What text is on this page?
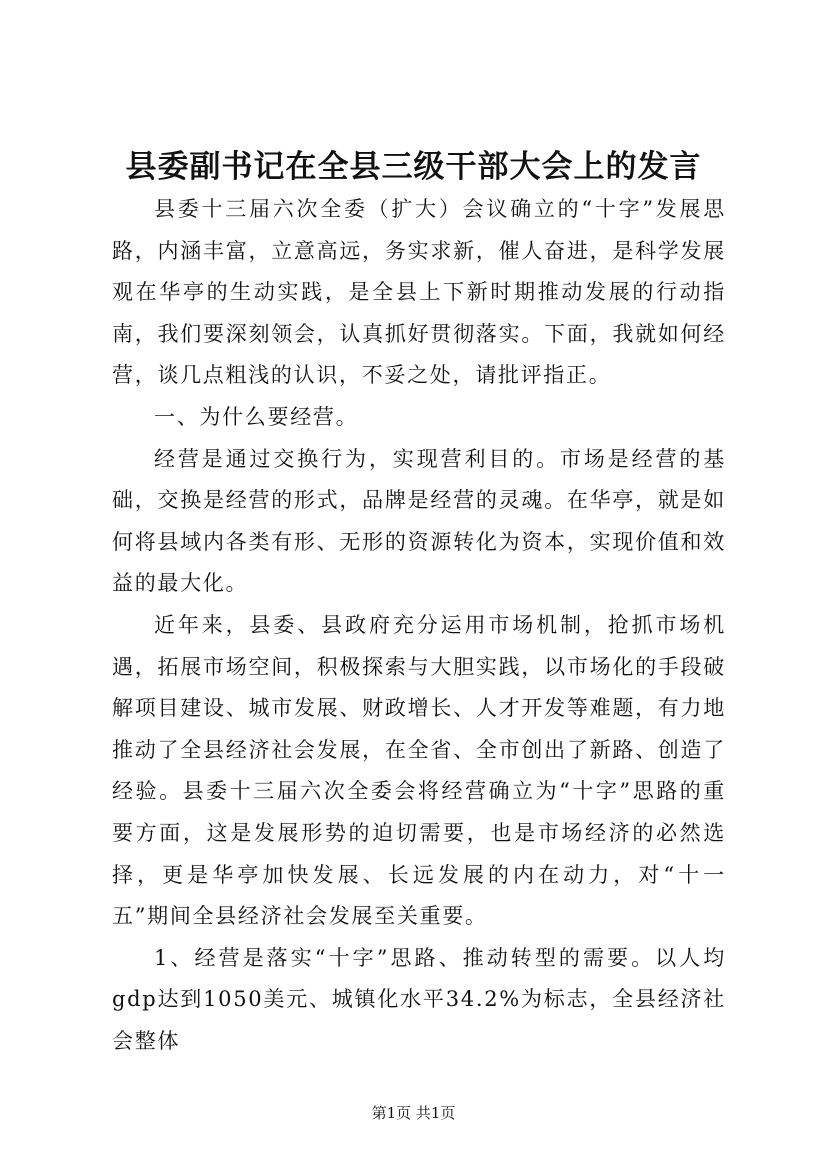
县委副书记在全县三级干部大会上的发言

县委十三届六次全委（扩大）会议确立的“十字”发展思路，内涵丰富，立意高远，务实求新，催人奋进，是科学发展观在华亭的生动实践，是全县上下新时期推动发展的行动指南，我们要深刻领会，认真抓好贯彻落实。下面，我就如何经营，谈几点粗浅的认识，不妥之处，请批评指正。

一、为什么要经营。

经营是通过交换行为，实现营利目的。市场是经营的基础，交换是经营的形式，品牌是经营的灵魂。在华亭，就是如何将县域内各类有形、无形的资源转化为资本，实现价值和效益的最大化。

近年来，县委、县政府充分运用市场机制，抢抓市场机遇，拓展市场空间，积极探索与大胆实践，以市场化的手段破解项目建设、城市发展、财政增长、人才开发等难题，有力地推动了全县经济社会发展，在全省、全市创出了新路、创造了经验。县委十三届六次全委会将经营确立为“十字”思路的重要方面，这是发展形势的迫切需要，也是市场经济的必然选择，更是华亭加快发展、长远发展的内在动力，对“十一五”期间全县经济社会发展至关重要。

1、经营是落实“十字”思路、推动转型的需要。以人均gdp达到1050美元、城镇化水平34.2%为标志，全县经济社会整体

第1页 共1页
